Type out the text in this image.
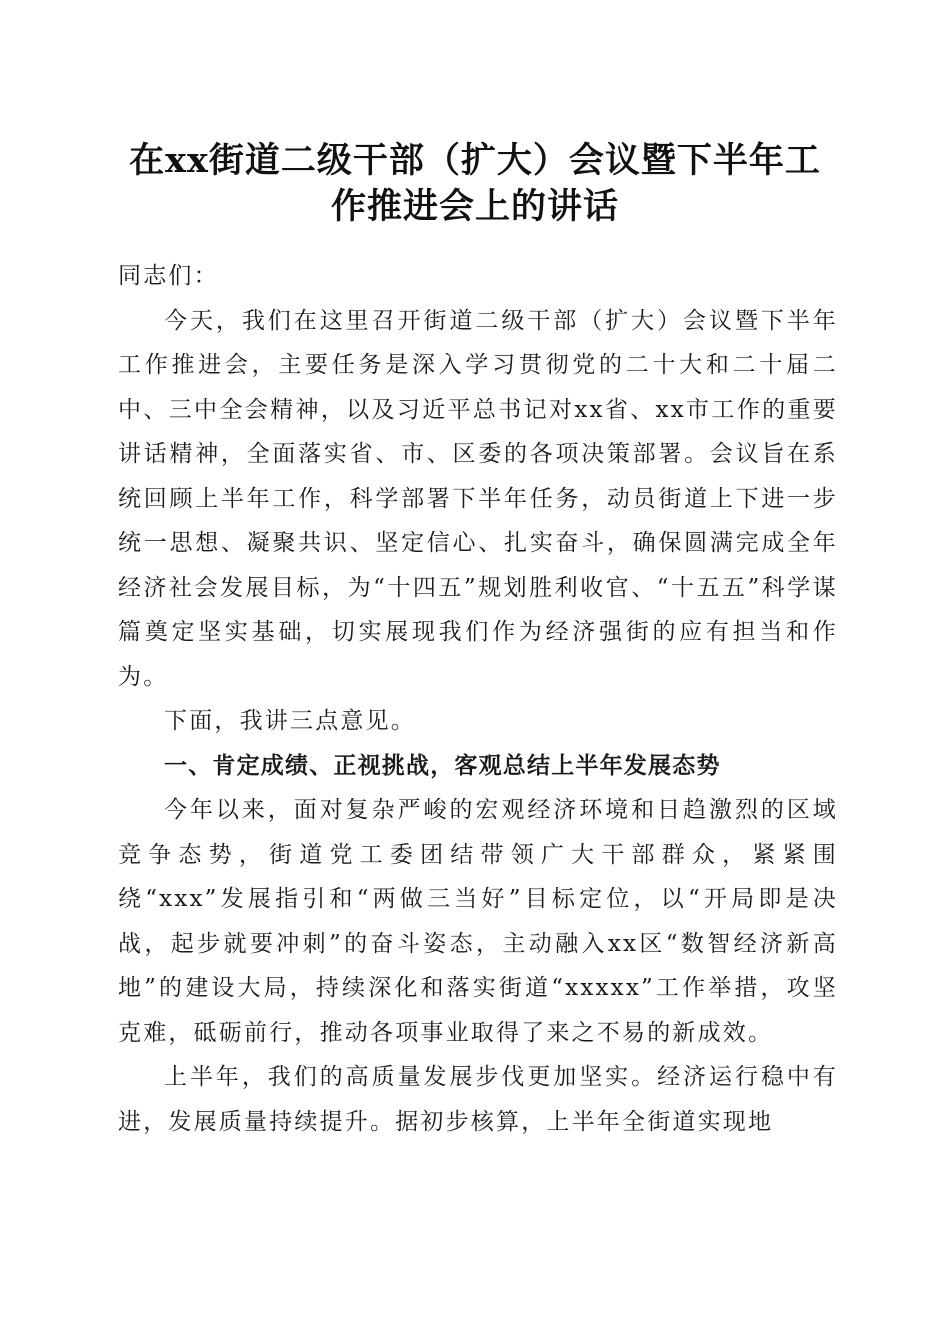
在xx街道二级干部（扩大）会议暨下半年工
作推进会上的讲话

同志们：

今天，我们在这里召开街道二级干部（扩大）会议暨下半年工作推进会，主要任务是深入学习贯彻党的二十大和二十届二中、三中全会精神，以及习近平总书记对xx省、xx市工作的重要讲话精神，全面落实省、市、区委的各项决策部署。会议旨在系统回顾上半年工作，科学部署下半年任务，动员街道上下进一步统一思想、凝聚共识、坚定信心、扎实奋斗，确保圆满完成全年经济社会发展目标，为“十四五”规划胜利收官、“十五五”科学谋篇奠定坚实基础，切实展现我们作为经济强街的应有担当和作为。

下面，我讲三点意见。

一、肯定成绩、正视挑战，客观总结上半年发展态势

今年以来，面对复杂严峻的宏观经济环境和日趋激烈的区域竞争态势，街道党工委团结带领广大干部群众，紧紧围绕“xxx”发展指引和“两做三当好”目标定位，以“开局即是决战，起步就要冲刺”的奋斗姿态，主动融入xx区“数智经济新高地”的建设大局，持续深化和落实街道“xxxxx”工作举措，攻坚克难，砥砺前行，推动各项事业取得了来之不易的新成效。

上半年，我们的高质量发展步伐更加坚实。经济运行稳中有进，发展质量持续提升。据初步核算，上半年全街道实现地
